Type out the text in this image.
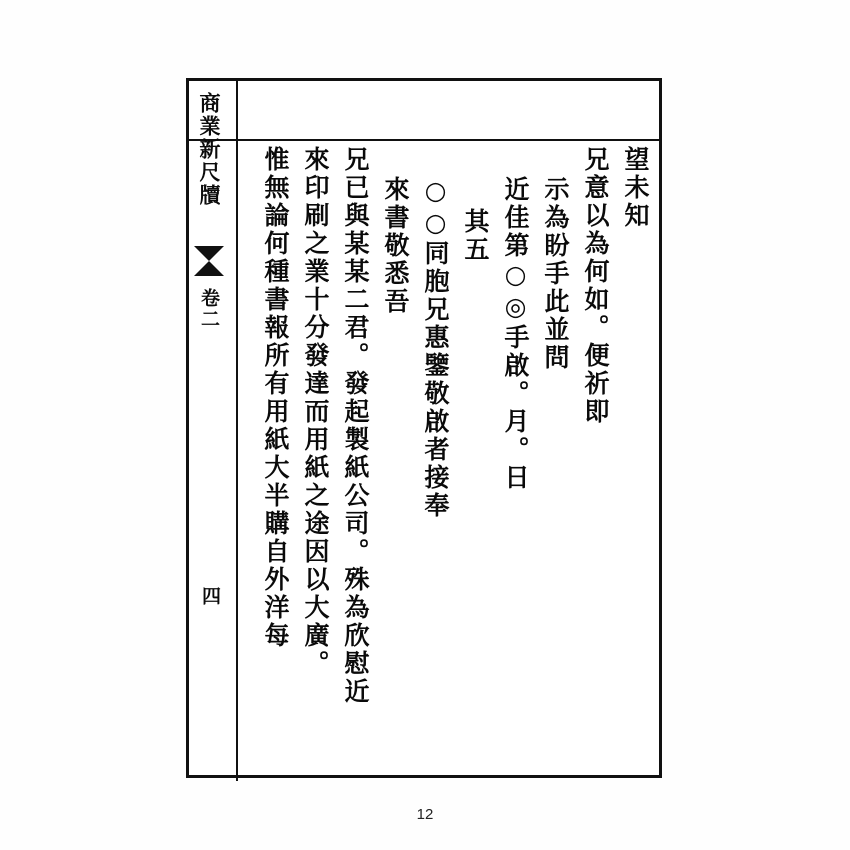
商業新尺牘
卷二
四
望未知
兄意以為何如。便祈即
示為盼手此並問
近佳第○◎手啟。月。日
其五
○○同胞兄惠鑒敬啟者接奉
來書敬悉吾
兄已與某某二君。發起製紙公司。殊為欣慰近
來印刷之業十分發達而用紙之途因以大廣。
惟無論何種書報所有用紙大半購自外洋每
12
